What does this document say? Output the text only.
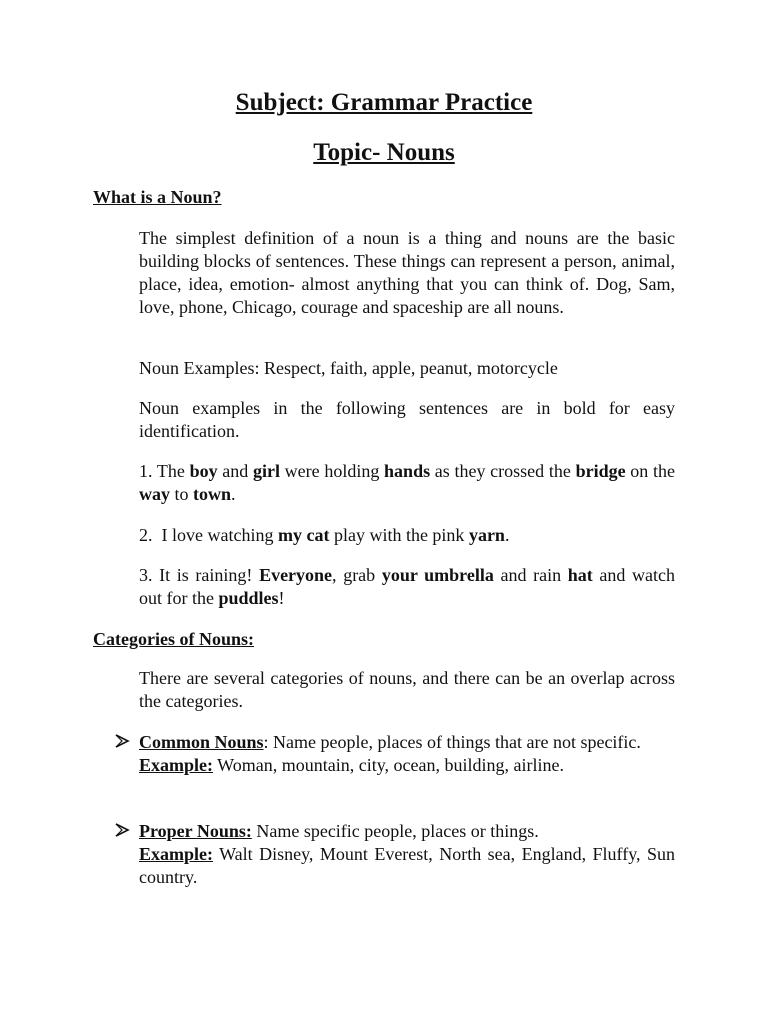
Subject: Grammar Practice
Topic- Nouns
What is a Noun?
The simplest definition of a noun is a thing and nouns are the basic building blocks of sentences. These things can represent a person, animal, place, idea, emotion- almost anything that you can think of. Dog, Sam, love, phone, Chicago, courage and spaceship are all nouns.
Noun Examples: Respect, faith, apple, peanut, motorcycle
Noun examples in the following sentences are in bold for easy identification.
1. The boy and girl were holding hands as they crossed the bridge on the way to town.
2.  I love watching my cat play with the pink yarn.
3. It is raining! Everyone, grab your umbrella and rain hat and watch out for the puddles!
Categories of Nouns:
There are several categories of nouns, and there can be an overlap across the categories.
Common Nouns: Name people, places of things that are not specific.
Example: Woman, mountain, city, ocean, building, airline.
Proper Nouns: Name specific people, places or things.
Example: Walt Disney, Mount Everest, North sea, England, Fluffy, Sun country.
